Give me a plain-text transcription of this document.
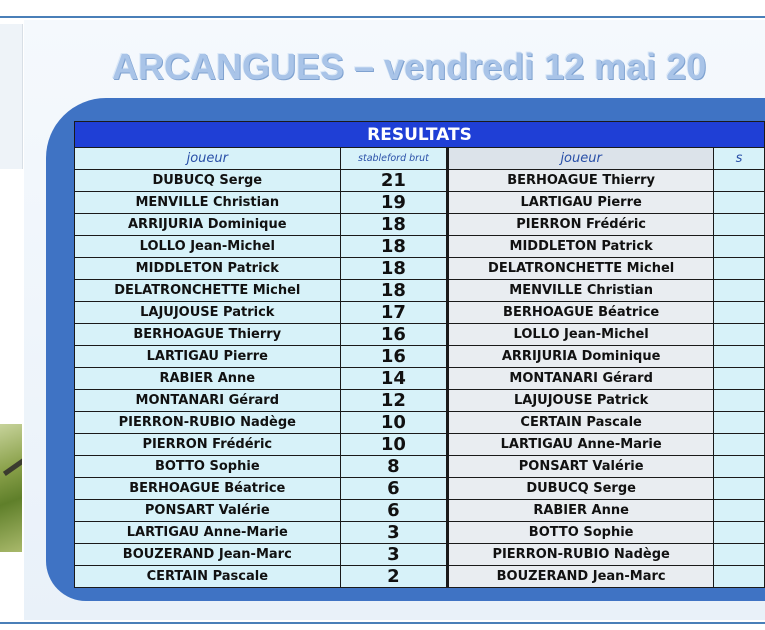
ARCANGUES – vendredi 12 mai 20
RESULTATS			
joueur	stableford brut	joueur	s
DUBUCQ Serge	21	BERHOAGUE Thierry	
MENVILLE Christian	19	LARTIGAU Pierre	
ARRIJURIA Dominique	18	PIERRON Frédéric	
LOLLO Jean-Michel	18	MIDDLETON Patrick	
MIDDLETON Patrick	18	DELATRONCHETTE Michel	
DELATRONCHETTE Michel	18	MENVILLE Christian	
LAJUJOUSE Patrick	17	BERHOAGUE Béatrice	
BERHOAGUE Thierry	16	LOLLO Jean-Michel	
LARTIGAU Pierre	16	ARRIJURIA Dominique	
RABIER Anne	14	MONTANARI Gérard	
MONTANARI Gérard	12	LAJUJOUSE Patrick	
PIERRON-RUBIO Nadège	10	CERTAIN Pascale	
PIERRON Frédéric	10	LARTIGAU Anne-Marie	
BOTTO Sophie	8	PONSART Valérie	
BERHOAGUE Béatrice	6	DUBUCQ Serge	
PONSART Valérie	6	RABIER Anne	
LARTIGAU Anne-Marie	3	BOTTO Sophie	
BOUZERAND Jean-Marc	3	PIERRON-RUBIO Nadège	
CERTAIN Pascale	2	BOUZERAND Jean-Marc	
